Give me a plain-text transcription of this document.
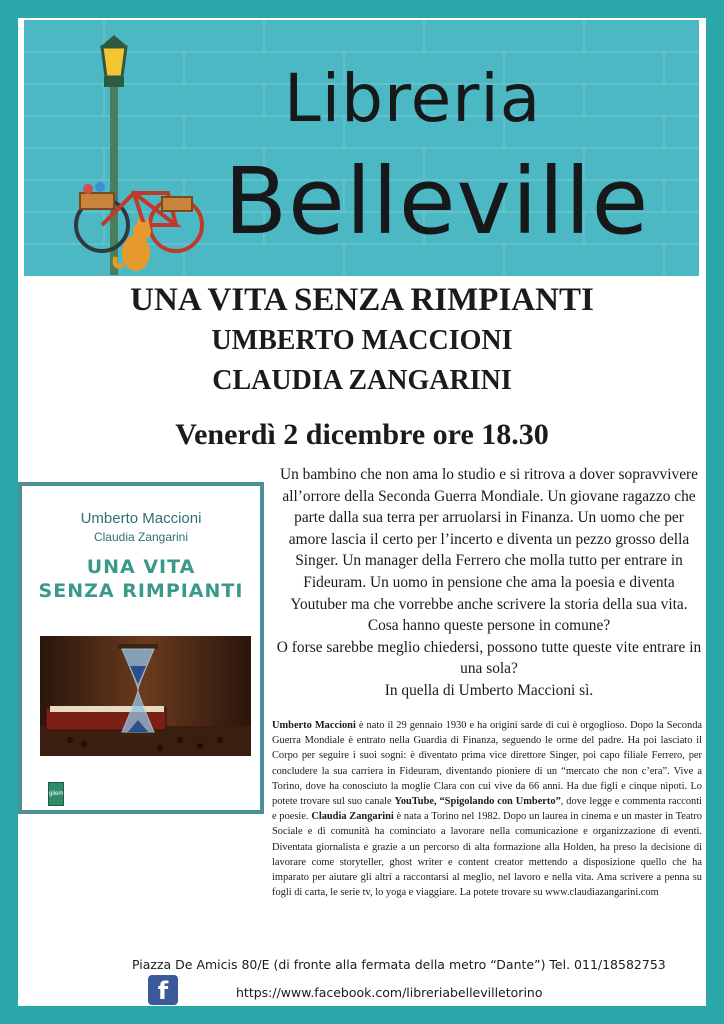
Libreria
Belleville
UNA VITA SENZA RIMPIANTI
UMBERTO MACCIONI
CLAUDIA ZANGARINI
Venerdì 2 dicembre ore 18.30
Umberto Maccioni
Claudia Zangarini
UNA VITA
SENZA RIMPIANTI
gilem

Un bambino che non ama lo studio e si ritrova a dover sopravvivere all’orrore della Seconda Guerra Mondiale. Un giovane ragazzo che parte dalla sua terra per arruolarsi in Finanza. Un uomo che per amore lascia il certo per l’incerto e diventa un pezzo grosso della Singer. Un manager della Ferrero che molla tutto per entrare in Fideuram. Un uomo in pensione che ama la poesia e diventa Youtuber ma che vorrebbe anche scrivere la storia della sua vita. Cosa hanno queste persone in comune?

O forse sarebbe meglio chiedersi, possono tutte queste vite entrare in una sola?

In quella di Umberto Maccioni sì.

Umberto Maccioni è nato il 29 gennaio 1930 e ha origini sarde di cui è orgoglioso. Dopo la Seconda Guerra Mondiale è entrato nella Guardia di Finanza, seguendo le orme del padre. Ha poi lasciato il Corpo per seguire i suoi sogni: è diventato prima vice direttore Singer, poi capo filiale Ferrero, per concludere la sua carriera in Fideuram, diventando pioniere di un “mercato che non c’era”. Vive a Torino, dove ha conosciuto la moglie Clara con cui vive da 66 anni. Ha due figli e cinque nipoti. Lo potete trovare sul suo canale YouTube, “Spigolando con Umberto”, dove legge e commenta racconti e poesie. Claudia Zangarini è nata a Torino nel 1982. Dopo un laurea in cinema e un master in Teatro Sociale e di comunità ha cominciato a lavorare nella comunicazione e organizzazione di eventi. Diventata giornalista e grazie a un percorso di alta formazione alla Holden, ha preso la decisione di lavorare come storyteller, ghost writer e content creator mettendo a disposizione quello che ha imparato per aiutare gli altri a raccontarsi al meglio, nel lavoro e nella vita. Ama scrivere a penna su fogli di carta, le serie tv, lo yoga e viaggiare. La potete trovare su www.claudiazangarini.com

Piazza De Amicis 80/E (di fronte alla fermata della metro “Dante”) Tel. 011/18582753
f	https://www.facebook.com/libreriabellevilletorino
